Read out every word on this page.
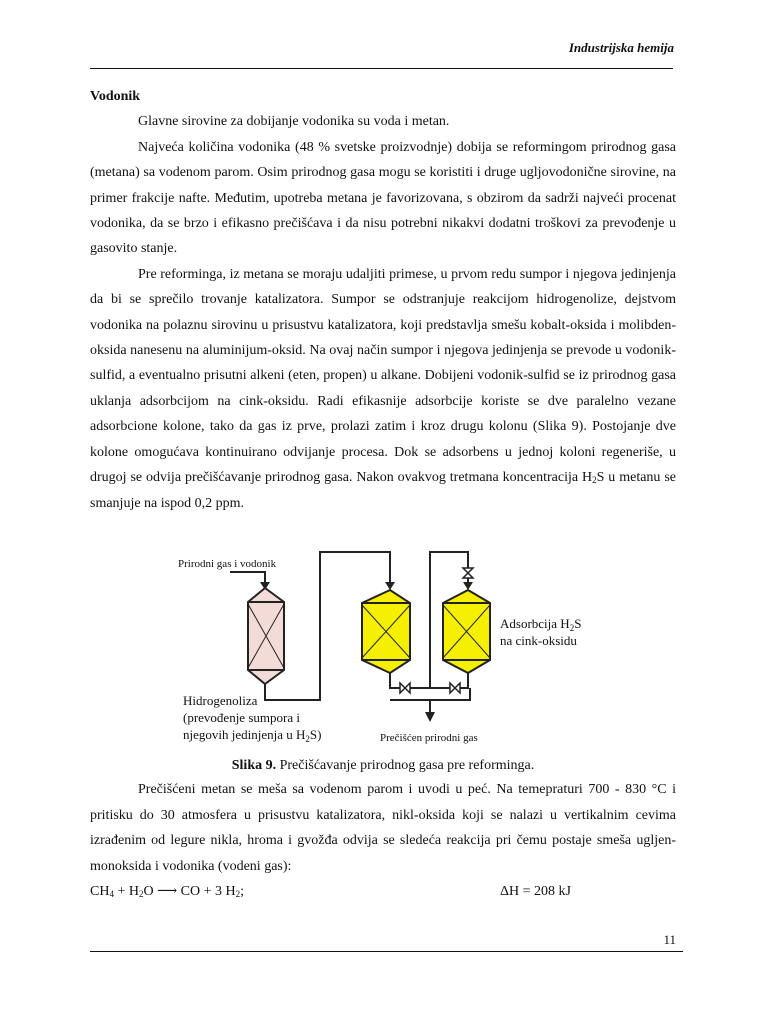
Industrijska hemija

Vodonik

Glavne sirovine za dobijanje vodonika su voda i metan.

Najveća količina vodonika (48 % svetske proizvodnje) dobija se reformingom prirodnog gasa (metana) sa vodenom parom. Osim prirodnog gasa mogu se koristiti i druge ugljovodonične sirovine, na primer frakcije nafte. Međutim, upotreba metana je favorizovana, s obzirom da sadrži najveći procenat vodonika, da se brzo i efikasno prečišćava i da nisu potrebni nikakvi dodatni troškovi za prevođenje u gasovito stanje.

Pre reforminga, iz metana se moraju udaljiti primese, u prvom redu sumpor i njegova jedinjenja da bi se sprečilo trovanje katalizatora. Sumpor se odstranjuje reakcijom hidrogenolize, dejstvom vodonika na polaznu sirovinu u prisustvu katalizatora, koji predstavlja smešu kobalt-oksida i molibden-oksida nanesenu na aluminijum-oksid. Na ovaj način sumpor i njegova jedinjenja se prevode u vodonik-sulfid, a eventualno prisutni alkeni (eten, propen) u alkane. Dobijeni vodonik-sulfid se iz prirodnog gasa uklanja adsorbcijom na cink-oksidu. Radi efikasnije adsorbcije koriste se dve paralelno vezane adsorbcione kolone, tako da gas iz prve, prolazi zatim i kroz drugu kolonu (Slika 9). Postojanje dve kolone omogućava kontinuirano odvijanje procesa. Dok se adsorbens u jednoj koloni regeneriše, u drugoj se odvija prečišćavanje prirodnog gasa. Nakon ovakvog tretmana koncentracija $H_2S$ u metanu se smanjuje na ispod 0,2 ppm.

Prirodni gas i vodonik
Adsorbcija $H_2S$
na cink-oksidu
Hidrogenoliza
(prevođenje sumpora i
njegovih jedinjenja u $H_2S$)	Prečišćen prirodni gas
Slika 9. Prečišćavanje prirodnog gasa pre reforminga.

Prečišćeni metan se meša sa vodenom parom i uvodi u peć. Na temepraturi 700 - 830 °C i pritisku do 30 atmosfera u prisustvu katalizatora, nikl-oksida koji se nalazi u vertikalnim cevima izrađenim od legure nikla, hroma i gvožđa odvija se sledeća reakcija pri čemu postaje smeša ugljen-monoksida i vodonika (vodeni gas):

$CH_4 + H_2O$ ⟶ CO + 3 $H_2$;	ΔH = 208 kJ
11
